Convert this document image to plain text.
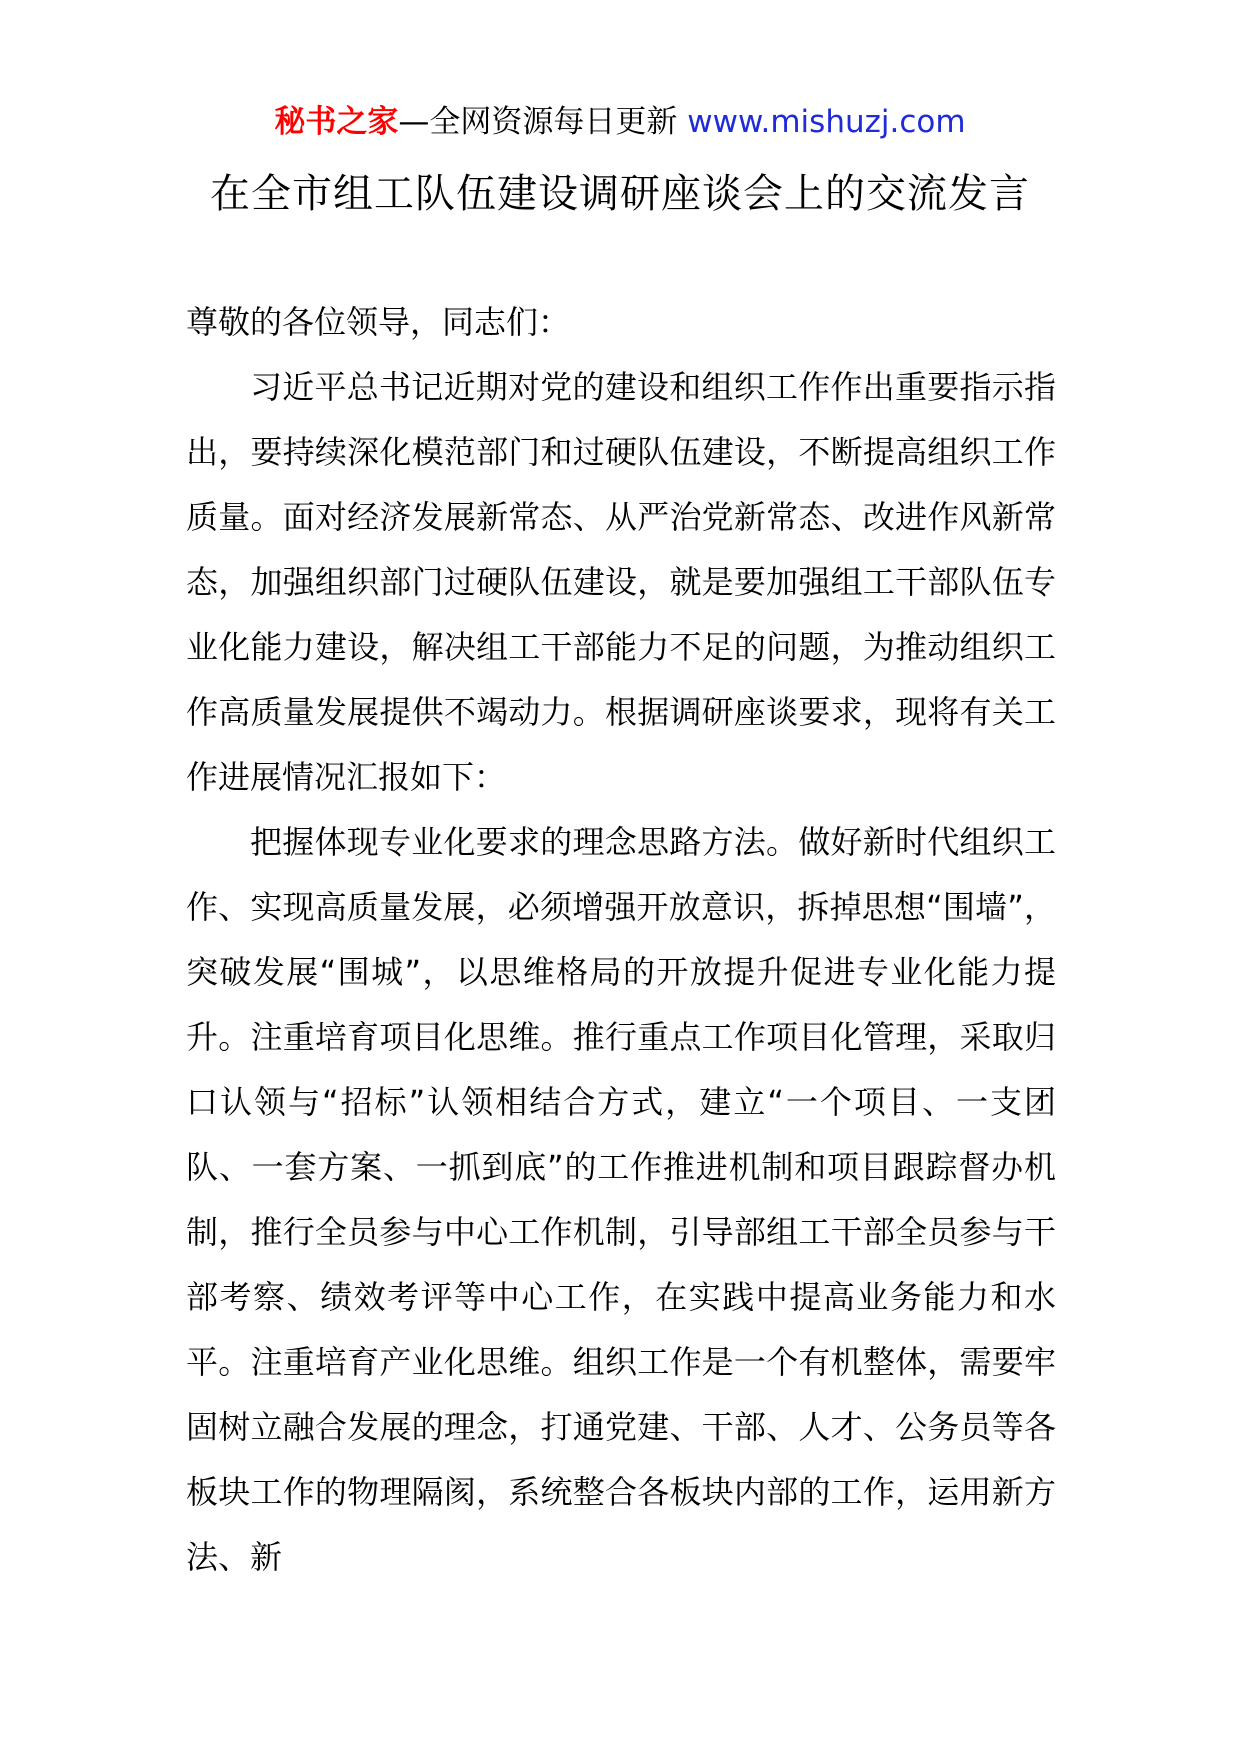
秘书之家—全网资源每日更新 www.mishuzj.com
在全市组工队伍建设调研座谈会上的交流发言

尊敬的各位领导，同志们：

习近平总书记近期对党的建设和组织工作作出重要指示指出，要持续深化模范部门和过硬队伍建设，不断提高组织工作质量。面对经济发展新常态、从严治党新常态、改进作风新常态，加强组织部门过硬队伍建设，就是要加强组工干部队伍专业化能力建设，解决组工干部能力不足的问题，为推动组织工作高质量发展提供不竭动力。根据调研座谈要求，现将有关工作进展情况汇报如下：

把握体现专业化要求的理念思路方法。做好新时代组织工作、实现高质量发展，必须增强开放意识，拆掉思想“围墙”，突破发展“围城”，以思维格局的开放提升促进专业化能力提升。注重培育项目化思维。推行重点工作项目化管理，采取归口认领与“招标”认领相结合方式，建立“一个项目、一支团队、一套方案、一抓到底”的工作推进机制和项目跟踪督办机制，推行全员参与中心工作机制，引导部组工干部全员参与干部考察、绩效考评等中心工作，在实践中提高业务能力和水平。注重培育产业化思维。组织工作是一个有机整体，需要牢固树立融合发展的理念，打通党建、干部、人才、公务员等各板块工作的物理隔阂，系统整合各板块内部的工作，运用新方法、新
